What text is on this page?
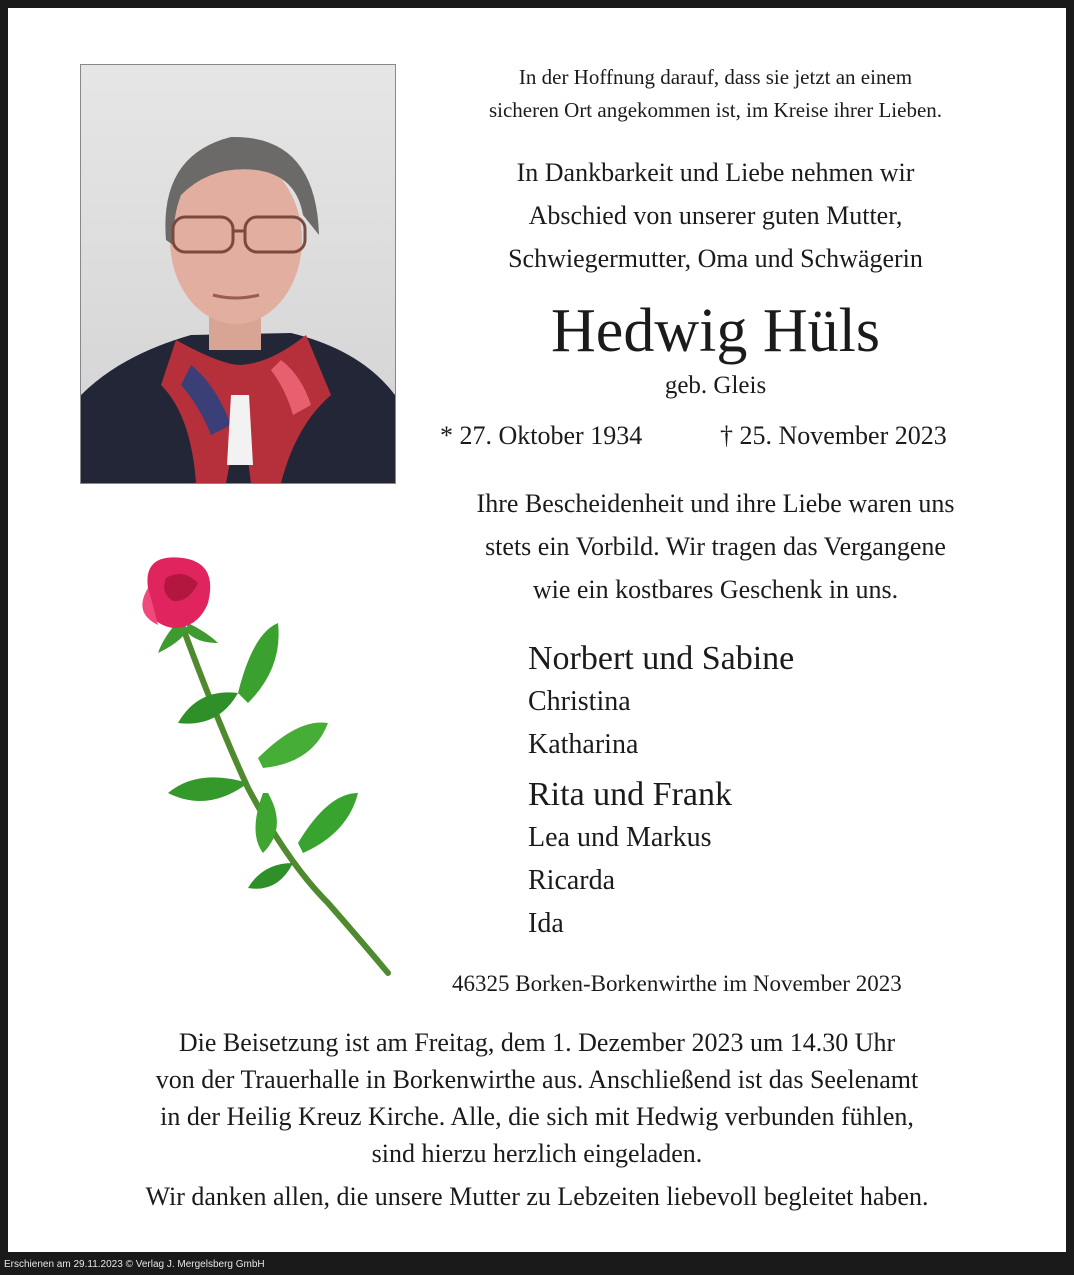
In der Hoffnung darauf, dass sie jetzt an einem
sicheren Ort angekommen ist, im Kreise ihrer Lieben.
In Dankbarkeit und Liebe nehmen wir
Abschied von unserer guten Mutter,
Schwiegermutter, Oma und Schwägerin
Hedwig Hüls
geb. Gleis
* 27. Oktober 1934	† 25. November 2023
Ihre Bescheidenheit und ihre Liebe waren uns
stets ein Vorbild. Wir tragen das Vergangene
wie ein kostbares Geschenk in uns.
Norbert und Sabine
Christina
Katharina
Rita und Frank
Lea und Markus
Ricarda
Ida
46325 Borken-Borkenwirthe im November 2023
Die Beisetzung ist am Freitag, dem 1. Dezember 2023 um 14.30 Uhr
von der Trauerhalle in Borkenwirthe aus. Anschließend ist das Seelenamt
in der Heilig Kreuz Kirche. Alle, die sich mit Hedwig verbunden fühlen,
sind hierzu herzlich eingeladen.
Wir danken allen, die unsere Mutter zu Lebzeiten liebevoll begleitet haben.
Erschienen am 29.11.2023 © Verlag J. Mergelsberg GmbH
